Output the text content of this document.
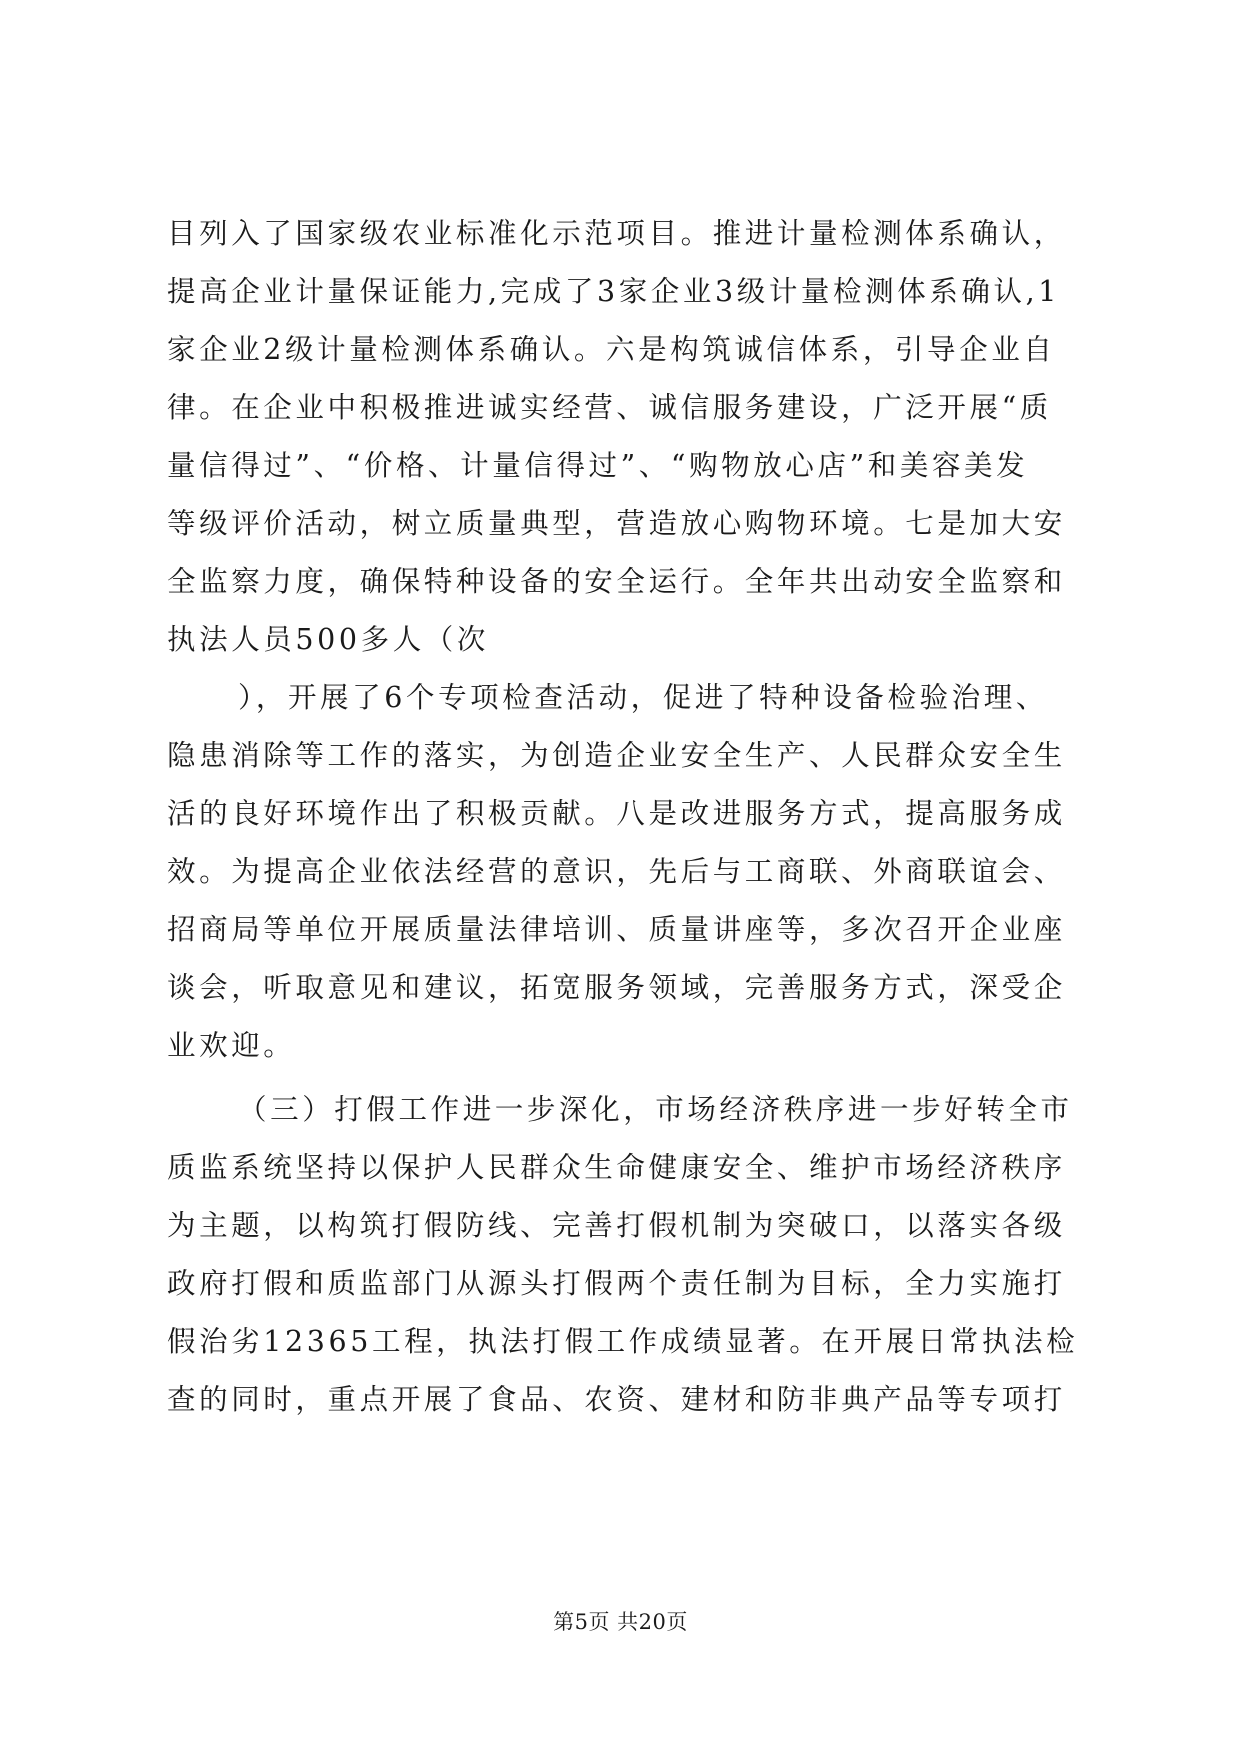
目列入了国家级农业标准化示范项目。推进计量检测体系确认，

提高企业计量保证能力,完成了3家企业3级计量检测体系确认,1

家企业2级计量检测体系确认。六是构筑诚信体系，引导企业自

律。在企业中积极推进诚实经营、诚信服务建设，广泛开展“质

量信得过”、“价格、计量信得过”、“购物放心店”和美容美发

等级评价活动，树立质量典型，营造放心购物环境。七是加大安

全监察力度，确保特种设备的安全运行。全年共出动安全监察和

执法人员500多人（次

），开展了6个专项检查活动，促进了特种设备检验治理、

隐患消除等工作的落实，为创造企业安全生产、人民群众安全生

活的良好环境作出了积极贡献。八是改进服务方式，提高服务成

效。为提高企业依法经营的意识，先后与工商联、外商联谊会、

招商局等单位开展质量法律培训、质量讲座等，多次召开企业座

谈会，听取意见和建议，拓宽服务领域，完善服务方式，深受企

业欢迎。

（三）打假工作进一步深化，市场经济秩序进一步好转全市

质监系统坚持以保护人民群众生命健康安全、维护市场经济秩序

为主题，以构筑打假防线、完善打假机制为突破口，以落实各级

政府打假和质监部门从源头打假两个责任制为目标，全力实施打

假治劣12365工程，执法打假工作成绩显著。在开展日常执法检

查的同时，重点开展了食品、农资、建材和防非典产品等专项打

第5页 共20页
